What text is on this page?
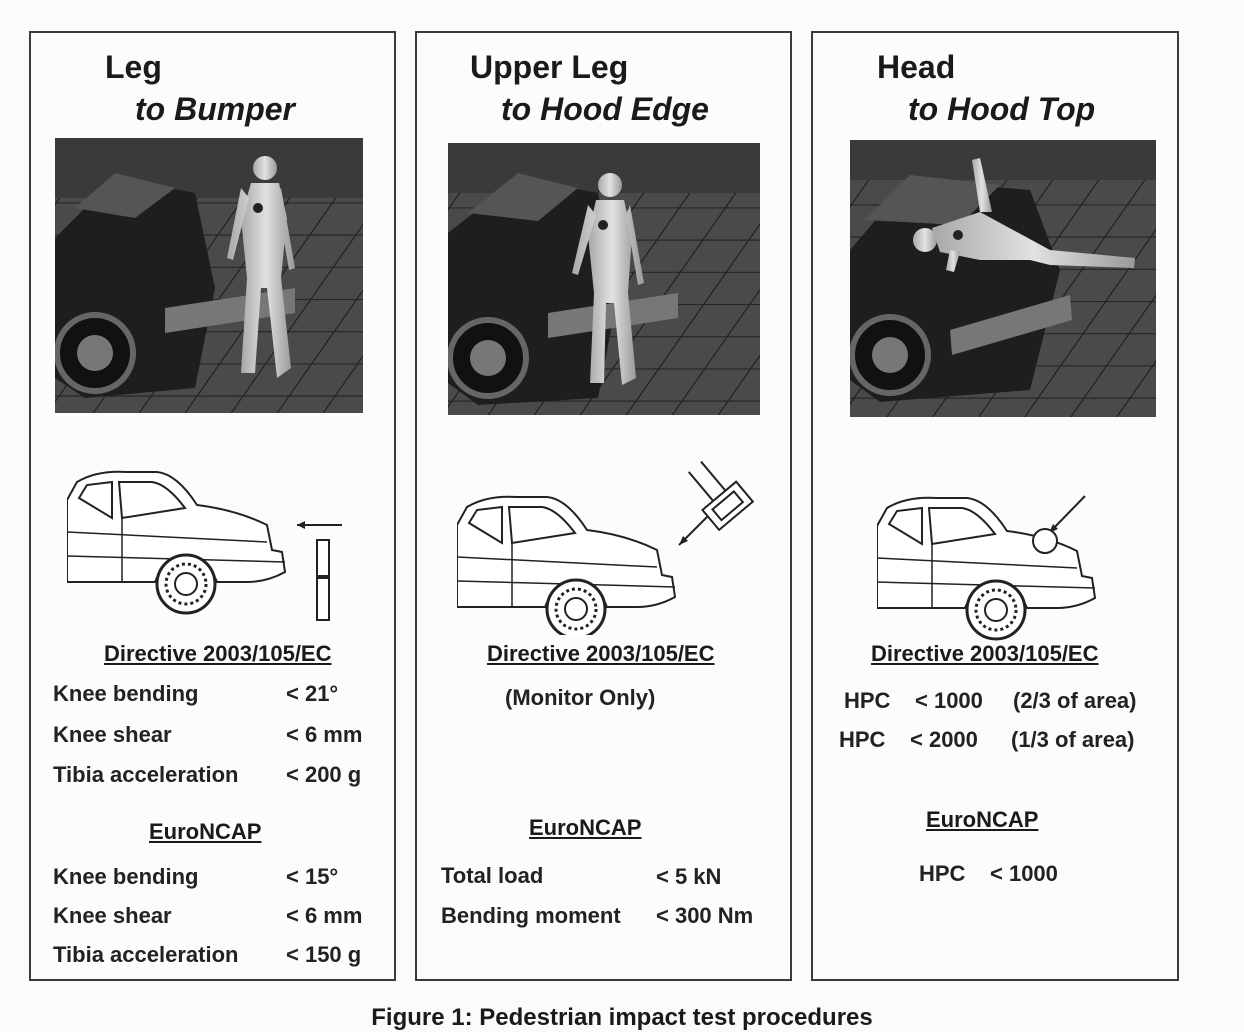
Leg
to Bumper
Directive 2003/105/EC
Knee bending	< 21°
Knee shear	< 6 mm
Tibia acceleration < 200 g
EuroNCAP
Knee bending	< 15°
Knee shear	< 6 mm
Tibia acceleration < 150 g
Upper Leg
to Hood Edge
Directive 2003/105/EC
(Monitor Only)
EuroNCAP
Total load	< 5 kN
Bending moment < 300 Nm
Head
to Hood Top
Directive 2003/105/EC
HPC < 1000 (2/3 of area)
HPC < 2000 (1/3 of area)
EuroNCAP
HPC < 1000
Figure 1: Pedestrian impact test procedures
